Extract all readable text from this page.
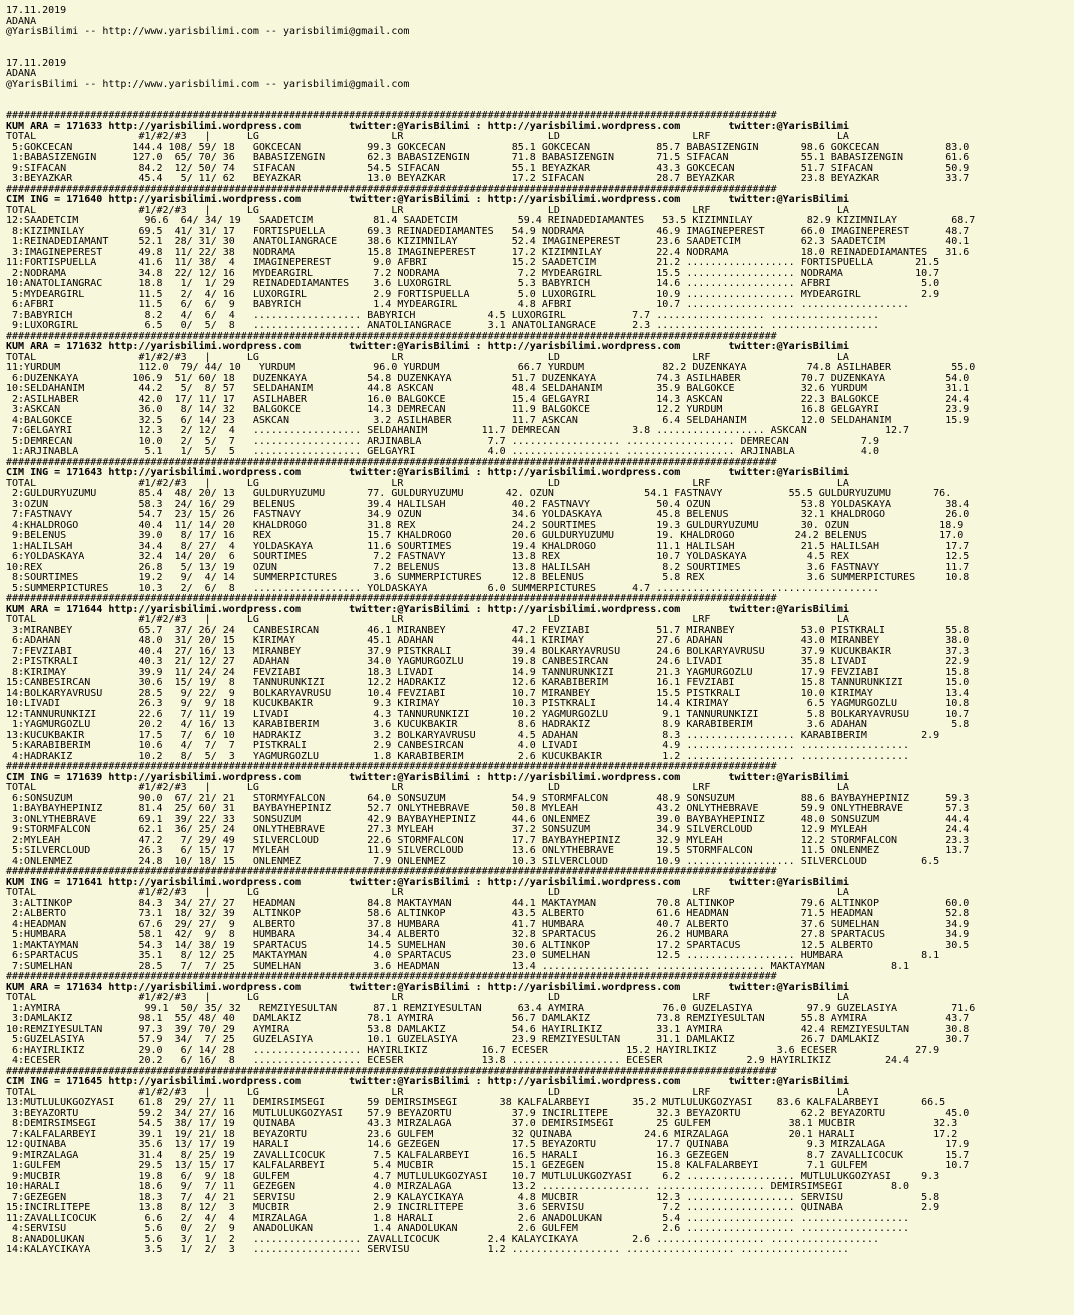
17.11.2019
ADANA
@YarisBilimi -- http://www.yarisbilimi.com -- yarisbilimi@gmail.com

17.11.2019
ADANA
@YarisBilimi -- http://www.yarisbilimi.com -- yarisbilimi@gmail.com

################################################################################################################################
KUM ARA = 171633 http://yarisbilimi.wordpress.com        twitter:@YarisBilimi : http://yarisbilimi.wordpress.com        twitter:@YarisBilimi
TOTAL                 #1/#2/#3   |      LG                      LR                        LD                      LRF                     LA
5:GOKCECAN          144.4 108/ 59/ 18   GOKCECAN           99.3 GOKCECAN           85.1 GOKCECAN           85.7 BABASIZENGIN       98.6 GOKCECAN           83.0
1:BABASIZENGIN      127.0  65/ 70/ 36   BABASIZENGIN       62.3 BABASIZENGIN       71.8 BABASIZENGIN       71.5 SIFACAN            55.1 BABASIZENGIN       61.6
9:SIFACAN            84.2  12/ 50/ 74   SIFACAN            54.5 SIFACAN            55.1 BEYAZKAR           43.3 GOKCECAN           51.7 SIFACAN            50.9
3:BEYAZKAR           45.4   5/ 11/ 62   BEYAZKAR           13.0 BEYAZKAR           17.2 SIFACAN            28.7 BEYAZKAR           23.8 BEYAZKAR           33.7
################################################################################################################################
CIM ING = 171640 http://yarisbilimi.wordpress.com        twitter:@YarisBilimi : http://yarisbilimi.wordpress.com        twitter:@YarisBilimi
TOTAL                 #1/#2/#3   |      LG                      LR                        LD                      LRF                     LA
12:SAADETCIM           96.6  64/ 34/ 19   SAADETCIM          81.4 SAADETCIM          59.4 REINADEDIAMANTES   53.5 KIZIMNILAY         82.9 KIZIMNILAY         68.7
8:KIZIMNILAY         69.5  41/ 31/ 17   FORTISPUELLA       69.3 REINADEDIAMANTES   54.9 NODRAMA            46.9 IMAGINEPEREST      66.0 IMAGINEPEREST      48.7
1:REINADEDIAMANT     52.1  28/ 31/ 30   ANATOLIANGRACE     38.6 KIZIMNILAY         52.4 IMAGINEPEREST      23.6 SAADETCIM          62.3 SAADETCIM          40.1
3:IMAGINEPEREST      49.8  11/ 22/ 38   NODRAMA            15.8 IMAGINEPEREST      17.2 KIZIMNILAY         22.4 NODRAMA            18.0 REINADEDIAMANTES   31.6
11:FORTISPUELLA       41.6  11/ 38/  4   IMAGINEPEREST       9.0 AFBRI              15.2 SAADETCIM          21.2 .................. FORTISPUELLA       21.5
2:NODRAMA            34.8  22/ 12/ 16   MYDEARGIRL          7.2 NODRAMA             7.2 MYDEARGIRL         15.5 .................. NODRAMA            10.7
10:ANATOLIANGRAC      18.8   1/  1/ 29   REINADEDIAMANTES    3.6 LUXORGIRL           5.3 BABYRICH           14.6 .................. AFBRI               5.0
5:MYDEARGIRL         11.5   2/  4/ 16   LUXORGIRL           2.9 FORTISPUELLA        5.0 LUXORGIRL          10.9 .................. MYDEARGIRL          2.9
6:AFBRI              11.5   6/  6/  9   BABYRICH            1.4 MYDEARGIRL          4.8 AFBRI              10.7 .................. ..................
7:BABYRICH            8.2   4/  6/  4   .................. BABYRICH            4.5 LUXORGIRL           7.7 .................. ..................
9:LUXORGIRL           6.5   0/  5/  8   .................. ANATOLIANGRACE      3.1 ANATOLIANGRACE      2.3 .................. ..................
################################################################################################################################
KUM ARA = 171632 http://yarisbilimi.wordpress.com        twitter:@YarisBilimi : http://yarisbilimi.wordpress.com        twitter:@YarisBilimi
TOTAL                 #1/#2/#3   |      LG                      LR                        LD                      LRF                     LA
11:YURDUM             112.0  79/ 44/ 10   YURDUM             96.0 YURDUM             66.7 YURDUM             82.2 DUZENKAYA          74.8 ASILHABER          55.0
6:DUZENKAYA         106.9  51/ 60/ 18   DUZENKAYA          54.8 DUZENKAYA          51.7 DUZENKAYA          74.3 ASILHABER          70.7 DUZENKAYA          54.0
10:SELDAHANIM         44.2   5/  8/ 57   SELDAHANIM         44.8 ASKCAN             48.4 SELDAHANIM         35.9 BALGOKCE           32.6 YURDUM             31.1
2:ASILHABER          42.0  17/ 11/ 17   ASILHABER          16.0 BALGOKCE           15.4 GELGAYRI           14.3 ASKCAN             22.3 BALGOKCE           24.4
3:ASKCAN             36.0   8/ 14/ 32   BALGOKCE           14.3 DEMRECAN           11.9 BALGOKCE           12.2 YURDUM             16.8 GELGAYRI           23.9
4:BALGOKCE           32.5   6/ 14/ 23   ASKCAN              3.2 ASILHABER          11.7 ASKCAN              6.4 SELDAHANIM         12.0 SELDAHANIM         15.9
7:GELGAYRI           12.3   2/ 12/  4   .................. SELDAHANIM         11.7 DEMRECAN            3.8 .................. ASKCAN             12.7
5:DEMRECAN           10.0   2/  5/  7   .................. ARJINABLA           7.7 .................. .................. DEMRECAN            7.9
1:ARJINABLA           5.1   1/  5/  5   .................. GELGAYRI            4.0 .................. .................. ARJINABLA           4.0
################################################################################################################################
CIM ING = 171643 http://yarisbilimi.wordpress.com        twitter:@YarisBilimi : http://yarisbilimi.wordpress.com        twitter:@YarisBilimi
TOTAL                 #1/#2/#3   |      LG                      LR                        LD                      LRF                     LA
2:GULDURYUZUMU       85.4  48/ 20/ 13   GULDURYUZUMU       77. GULDURYUZUMU       42. OZUN               54.1 FASTNAVY           55.5 GULDURYUZUMU       76.
3:OZUN               58.3  24/ 16/ 29   BELENUS            39.4 HALILSAH           40.2 FASTNAVY           50.4 OZUN               53.8 YOLDASKAYA         38.4
7:FASTNAVY           54.7  23/ 15/ 26   FASTNAVY           34.9 OZUN               34.6 YOLDASKAYA         45.8 BELENUS            32.1 KHALDROGO          26.0
4:KHALDROGO          40.4  11/ 14/ 20   KHALDROGO          31.8 REX                24.2 SOURTIMES          19.3 GULDURYUZUMU       30. OZUN               18.9
9:BELENUS            39.0   8/ 17/ 16   REX                15.7 KHALDROGO          20.6 GULDURYUZUMU       19. KHALDROGO          24.2 BELENUS            17.0
1:HALILSAH           34.4   8/ 27/  4   YOLDASKAYA         11.6 SOURTIMES          19.4 KHALDROGO          11.1 HALILSAH           21.5 HALILSAH           17.7
6:YOLDASKAYA         32.4  14/ 20/  6   SOURTIMES           7.2 FASTNAVY           13.8 REX                10.7 YOLDASKAYA          4.5 REX                12.5
10:REX                26.8   5/ 13/ 19   OZUN                7.2 BELENUS            13.8 HALILSAH            8.2 SOURTIMES           3.6 FASTNAVY           11.7
8:SOURTIMES          19.2   9/  4/ 14   SUMMERPICTURES      3.6 SUMMERPICTURES     12.8 BELENUS             5.8 REX                 3.6 SUMMERPICTURES     10.8
5:SUMMERPICTURES     10.3   2/  6/  8   .................. YOLDASKAYA          6.0 SUMMERPICTURES      4.7 .................. ..................
################################################################################################################################
KUM ARA = 171644 http://yarisbilimi.wordpress.com        twitter:@YarisBilimi : http://yarisbilimi.wordpress.com        twitter:@YarisBilimi
TOTAL                 #1/#2/#3   |      LG                      LR                        LD                      LRF                     LA
3:MIRANBEY           65.7  37/ 26/ 24   CANBESIRCAN        46.1 MIRANBEY           47.2 FEVZIABI           51.7 MIRANBEY           53.0 PISTKRALI          55.8
6:ADAHAN             48.0  31/ 20/ 15   KIRIMAY            45.1 ADAHAN             44.1 KIRIMAY            27.6 ADAHAN             43.0 MIRANBEY           38.0
7:FEVZIABI           40.4  27/ 16/ 13   MIRANBEY           37.9 PISTKRALI          39.4 BOLKARYAVRUSU      24.6 BOLKARYAVRUSU      37.9 KUCUKBAKIR         37.3
2:PISTKRALI          40.3  21/ 12/ 27   ADAHAN             34.0 YAGMURGOZLU        19.8 CANBESIRCAN        24.6 LIVADI             35.8 LIVADI             22.9
8:KIRIMAY            39.9  11/ 24/ 24   FEVZIABI           18.3 LIVADI             14.9 TANNURUNKIZI       21.3 YAGMURGOZLU        17.9 FEVZIABI           15.8
15:CANBESIRCAN        30.6  15/ 19/  8   TANNURUNKIZI       12.2 HADRAKIZ           12.6 KARABIBERIM        16.1 FEVZIABI           15.8 TANNURUNKIZI       15.0
14:BOLKARYAVRUSU      28.5   9/ 22/  9   BOLKARYAVRUSU      10.4 FEVZIABI           10.7 MIRANBEY           15.5 PISTKRALI          10.0 KIRIMAY            13.4
10:LIVADI             26.3   9/  9/ 18   KUCUKBAKIR          9.3 KIRIMAY            10.3 PISTKRALI          14.4 KIRIMAY             6.5 YAGMURGOZLU        10.8
12:TANNURUNKIZI       22.6   7/ 11/ 19   LIVADI              4.3 TANNURUNKIZI       10.2 YAGMURGOZLU         9.1 TANNURUNKIZI        5.8 BOLKARYAVRUSU      10.7
1:YAGMURGOZLU        20.2   4/ 16/ 13   KARABIBERIM         3.6 KUCUKBAKIR          8.6 HADRAKIZ            8.9 KARABIBERIM         3.6 ADAHAN              5.8
13:KUCUKBAKIR         17.5   7/  6/ 10   HADRAKIZ            3.2 BOLKARYAVRUSU       4.5 ADAHAN              8.3 .................. KARABIBERIM         2.9
5:KARABIBERIM        10.6   4/  7/  7   PISTKRALI           2.9 CANBESIRCAN         4.0 LIVADI              4.9 .................. ..................
4:HADRAKIZ           10.2   8/  5/  3   YAGMURGOZLU         1.8 KARABIBERIM         2.6 KUCUKBAKIR          1.2 .................. ..................
################################################################################################################################
CIM ING = 171639 http://yarisbilimi.wordpress.com        twitter:@YarisBilimi : http://yarisbilimi.wordpress.com        twitter:@YarisBilimi
TOTAL                 #1/#2/#3   |      LG                      LR                        LD                      LRF                     LA
6:SONSUZUM           90.0  67/ 21/ 21   STORMYFALCON       64.0 SONSUZUM           54.9 STORMFALCON        48.9 SONSUZUM           88.6 BAYBAYHEPINIZ      59.3
1:BAYBAYHEPINIZ      81.4  25/ 60/ 31   BAYBAYHEPINIZ      52.7 ONLYTHEBRAVE       50.8 MYLEAH             43.2 ONLYTHEBRAVE       59.9 ONLYTHEBRAVE       57.3
3:ONLYTHEBRAVE       69.1  39/ 22/ 33   SONSUZUM           42.9 BAYBAYHEPINIZ      44.6 ONLENMEZ           39.0 BAYBAYHEPINIZ      48.0 SONSUZUM           44.4
9:STORMFALCON        62.1  36/ 25/ 24   ONLYTHEBRAVE       27.3 MYLEAH             37.2 SONSUZUM           34.9 SILVERCLOUD        12.9 MYLEAH             24.4
2:MYLEAH             47.2   7/ 29/ 49   SILVERCLOUD        22.6 STORMFALCON        17.7 BAYBAYHEPINIZ      32.9 MYLEAH             12.2 STORMFALCON        23.3
5:SILVERCLOUD        26.3   6/ 15/ 17   MYLEAH             11.9 SILVERCLOUD        13.6 ONLYTHEBRAVE       19.5 STORMFALCON        11.5 ONLENMEZ           13.7
4:ONLENMEZ           24.8  10/ 18/ 15   ONLENMEZ            7.9 ONLENMEZ           10.3 SILVERCLOUD        10.9 .................. SILVERCLOUD         6.5
################################################################################################################################
KUM ING = 171641 http://yarisbilimi.wordpress.com        twitter:@YarisBilimi : http://yarisbilimi.wordpress.com        twitter:@YarisBilimi
TOTAL                 #1/#2/#3   |      LG                      LR                        LD                      LRF                     LA
3:ALTINKOP           84.3  34/ 27/ 27   HEADMAN            84.8 MAKTAYMAN          44.1 MAKTAYMAN          70.8 ALTINKOP           79.6 ALTINKOP           60.0
2:ALBERTO            73.1  18/ 32/ 39   ALTINKOP           58.6 ALTINKOP           43.5 ALBERTO            61.6 HEADMAN            71.5 HEADMAN            52.8
4:HEADMAN            67.6  29/ 27/  9   ALBERTO            37.8 HUMBARA            41.7 HUMBARA            40.7 ALBERTO            37.6 SUMELHAN           34.9
5:HUMBARA            58.1  42/  9/  8   HUMBARA            34.4 ALBERTO            32.8 SPARTACUS          26.2 HUMBARA            27.8 SPARTACUS          34.9
1:MAKTAYMAN          54.3  14/ 38/ 19   SPARTACUS          14.5 SUMELHAN           30.6 ALTINKOP           17.2 SPARTACUS          12.5 ALBERTO            30.5
6:SPARTACUS          35.1   8/ 12/ 25   MAKTAYMAN           4.0 SPARTACUS          23.0 SUMELHAN           12.5 .................. HUMBARA             8.1
7:SUMELHAN           28.5   7/  7/ 25   SUMELHAN            3.6 HEADMAN            13.4 .................. .................. MAKTAYMAN           8.1
################################################################################################################################
KUM ARA = 171634 http://yarisbilimi.wordpress.com        twitter:@YarisBilimi : http://yarisbilimi.wordpress.com        twitter:@YarisBilimi
TOTAL                 #1/#2/#3   |      LG                      LR                        LD                      LRF                     LA
1:AYMIRA              99.1  50/ 35/ 32   REMZIYESULTAN      87.1 REMZIYESULTAN      63.4 AYMIRA             76.0 GUZELASIYA         97.9 GUZELASIYA         71.6
3:DAMLAKIZ           98.1  55/ 48/ 40   DAMLAKIZ           78.1 AYMIRA             56.7 DAMLAKIZ           73.8 REMZIYESULTAN      55.8 AYMIRA             43.7
10:REMZIYESULTAN      97.3  39/ 70/ 29   AYMIRA             53.8 DAMLAKIZ           54.6 HAYIRLIKIZ         33.1 AYMIRA             42.4 REMZIYESULTAN      30.8
5:GUZELASIYA         57.9  34/  7/ 25   GUZELASIYA         10.1 GUZELASIYA         23.9 REMZIYESULTAN      31.1 DAMLAKIZ           26.7 DAMLAKIZ           30.7
6:HAYIRLIKIZ         29.0   6/ 14/ 28   .................. HAYIRLIKIZ         16.7 ECESER             15.2 HAYIRLIKIZ          3.6 ECESER             27.9
4:ECESER             20.2   6/ 16/  8   .................. ECESER             13.8 .................. ECESER              2.9 HAYIRLIKIZ         24.4
################################################################################################################################
CIM ING = 171645 http://yarisbilimi.wordpress.com        twitter:@YarisBilimi : http://yarisbilimi.wordpress.com        twitter:@YarisBilimi
TOTAL                 #1/#2/#3   |      LG                      LR                        LD                      LRF                     LA
13:MUTLULUKGOZYASI    61.8  29/ 27/ 11   DEMIRSIMSEGI       59 DEMIRSIMSEGI       38 KALFALARBEYI       35.2 MUTLULUKGOZYASI    83.6 KALFALARBEYI       66.5
3:BEYAZORTU          59.2  34/ 27/ 16   MUTLULUKGOZYASI    57.9 BEYAZORTU          37.9 INCIRLITEPE        32.3 BEYAZORTU          62.2 BEYAZORTU          45.0
8:DEMIRSIMSEGI       54.5  38/ 17/ 19   QUINABA            43.3 MIRZALAGA          37.0 DEMIRSIMSEGI       25 GULFEM             38.1 MUCBIR             32.3
7:KALFALARBEYI       39.1  19/ 21/ 18   BEYAZORTU          23.6 GULFEM             32 QUINABA            24.6 MIRZALAGA          20.1 HARALI             17.2
12:QUINABA            35.6  13/ 17/ 19   HARALI             14.6 GEZEGEN            17.5 BEYAZORTU          17.7 QUINABA             9.3 MIRZALAGA          17.9
9:MIRZALAGA          31.4   8/ 25/ 19   ZAVALLICOCUK        7.5 KALFALARBEYI       16.5 HARALI             16.3 GEZEGEN             8.7 ZAVALLICOCUK       15.7
1:GULFEM             29.5  13/ 15/ 17   KALFALARBEYI        5.4 MUCBIR             15.1 GEZEGEN            15.8 KALFALARBEYI        7.1 GULFEM             10.7
9:MUCBIR             19.8   6/  9/ 18   GULFEM              4.7 MUTLULUKGOZYASI    10.7 MUTLULUKGOZYASI     6.2 .................. MUTLULUKGOZYASI     9.3
10:HARALI             18.6   9/  7/ 11   GEZEGEN             4.0 MIRZALAGA          13.2 .................. .................. DEMIRSIMSEGI        8.0
7:GEZEGEN            18.3   7/  4/ 21   SERVISU             2.9 KALAYCIKAYA         4.8 MUCBIR             12.3 .................. SERVISU             5.8
15:INCIRLITEPE        13.8   8/ 12/  3   MUCBIR              2.9 INCIRLITEPE         3.6 SERVISU             7.2 .................. QUINABA             2.9
11:ZAVALLICOCUK        6.6   2/  4/  4   MIRZALAGA           1.8 HARALI              2.6 ANADOLUKAN          5.4 .................. ..................
4:SERVISU             5.6   0/  2/  9   ANADOLUKAN          1.4 ANADOLUKAN          2.6 GULFEM              2.6 .................. ..................
8:ANADOLUKAN          5.6   3/  1/  2   .................. ZAVALLICOCUK        2.4 KALAYCIKAYA         2.6 .................. ..................
14:KALAYCIKAYA         3.5   1/  2/  3   .................. SERVISU             1.2 .................. .................. ..................
